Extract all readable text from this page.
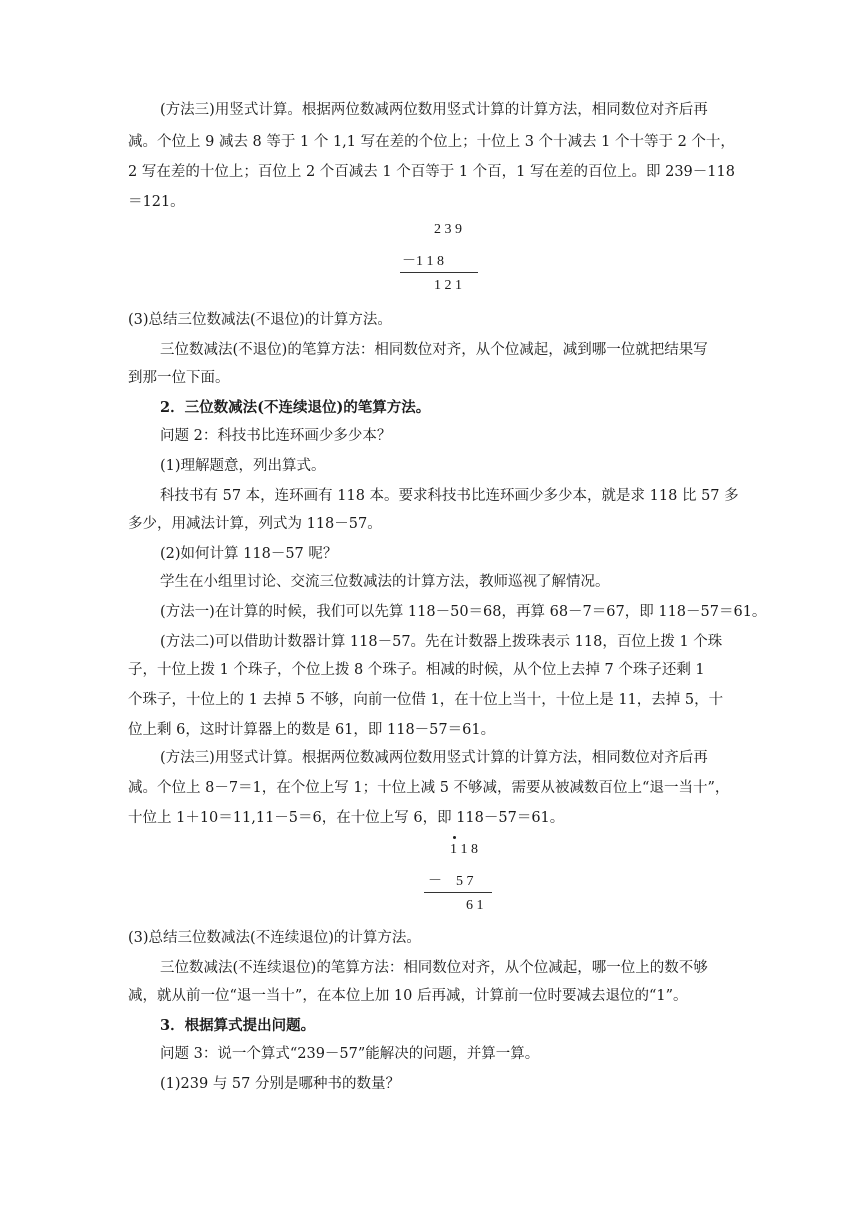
(方法三)用竖式计算。根据两位数减两位数用竖式计算的计算方法，相同数位对齐后再

减。个位上 9 减去 8 等于 1 个 1,1 写在差的个位上；十位上 3 个十减去 1 个十等于 2 个十，

2 写在差的十位上；百位上 2 个百减去 1 个百等于 1 个百，1 写在差的百位上。即 239－118

＝121。

2 3 9
－1 1 8
1 2 1

(3)总结三位数减法(不退位)的计算方法。

三位数减法(不退位)的笔算方法：相同数位对齐，从个位减起，减到哪一位就把结果写

到那一位下面。

2．三位数减法(不连续退位)的笔算方法。

问题 2：科技书比连环画少多少本？

(1)理解题意，列出算式。

科技书有 57 本，连环画有 118 本。要求科技书比连环画少多少本，就是求 118 比 57 多

多少，用减法计算，列式为 118－57。

(2)如何计算 118－57 呢？

学生在小组里讨论、交流三位数减法的计算方法，教师巡视了解情况。

(方法一)在计算的时候，我们可以先算 118－50＝68，再算 68－7＝67，即 118－57＝61。

(方法二)可以借助计数器计算 118－57。先在计数器上拨珠表示 118，百位上拨 1 个珠

子，十位上拨 1 个珠子，个位上拨 8 个珠子。相减的时候，从个位上去掉 7 个珠子还剩 1

个珠子，十位上的 1 去掉 5 不够，向前一位借 1，在十位上当十，十位上是 11，去掉 5，十

位上剩 6，这时计算器上的数是 61，即 118－57＝61。

(方法三)用竖式计算。根据两位数减两位数用竖式计算的计算方法，相同数位对齐后再

减。个位上 8－7＝1，在个位上写 1；十位上减 5 不够减，需要从被减数百位上“退一当十”，

十位上 1＋10＝11,11－5＝6，在十位上写 6，即 118－57＝61。

1 1 8
－    5 7
6 1

(3)总结三位数减法(不连续退位)的计算方法。

三位数减法(不连续退位)的笔算方法：相同数位对齐，从个位减起，哪一位上的数不够

减，就从前一位“退一当十”，在本位上加 10 后再减，计算前一位时要减去退位的“1”。

3．根据算式提出问题。

问题 3：说一个算式“239－57”能解决的问题，并算一算。

(1)239 与 57 分别是哪种书的数量？
